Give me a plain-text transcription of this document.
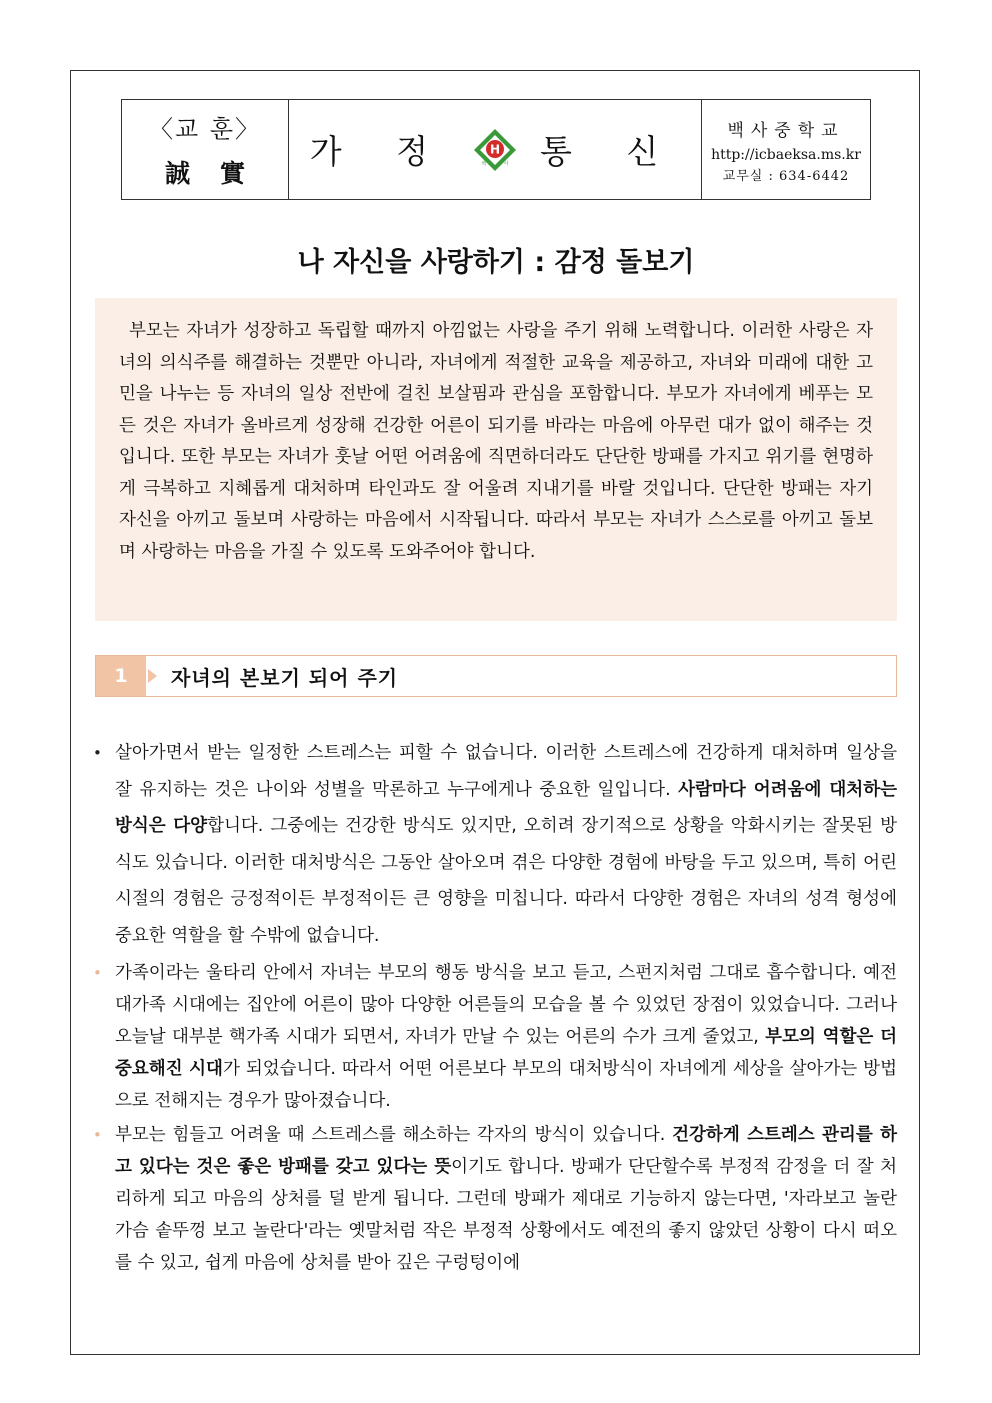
〈교 훈〉
誠實
가 정	H
백	사 통 신
백사중학교
http://icbaeksa.ms.kr
교무실 : 634-6442
나 자신을 사랑하기 : 감정 돌보기

부모는 자녀가 성장하고 독립할 때까지 아낌없는 사랑을 주기 위해 노력합니다. 이러한 사랑은 자녀의 의식주를 해결하는 것뿐만 아니라, 자녀에게 적절한 교육을 제공하고, 자녀와 미래에 대한 고민을 나누는 등 자녀의 일상 전반에 걸친 보살핌과 관심을 포함합니다. 부모가 자녀에게 베푸는 모든 것은 자녀가 올바르게 성장해 건강한 어른이 되기를 바라는 마음에 아무런 대가 없이 해주는 것입니다. 또한 부모는 자녀가 훗날 어떤 어려움에 직면하더라도 단단한 방패를 가지고 위기를 현명하게 극복하고 지혜롭게 대처하며 타인과도 잘 어울려 지내기를 바랄 것입니다. 단단한 방패는 자기 자신을 아끼고 돌보며 사랑하는 마음에서 시작됩니다. 따라서 부모는 자녀가 스스로를 아끼고 돌보며 사랑하는 마음을 가질 수 있도록 도와주어야 합니다.

1	자녀의 본보기 되어 주기

• 살아가면서 받는 일정한 스트레스는 피할 수 없습니다. 이러한 스트레스에 건강하게 대처하며 일상을 잘 유지하는 것은 나이와 성별을 막론하고 누구에게나 중요한 일입니다. 사람마다 어려움에 대처하는 방식은 다양합니다. 그중에는 건강한 방식도 있지만, 오히려 장기적으로 상황을 악화시키는 잘못된 방식도 있습니다. 이러한 대처방식은 그동안 살아오며 겪은 다양한 경험에 바탕을 두고 있으며, 특히 어린 시절의 경험은 긍정적이든 부정적이든 큰 영향을 미칩니다. 따라서 다양한 경험은 자녀의 성격 형성에 중요한 역할을 할 수밖에 없습니다.

• 가족이라는 울타리 안에서 자녀는 부모의 행동 방식을 보고 듣고, 스펀지처럼 그대로 흡수합니다. 예전 대가족 시대에는 집안에 어른이 많아 다양한 어른들의 모습을 볼 수 있었던 장점이 있었습니다. 그러나 오늘날 대부분 핵가족 시대가 되면서, 자녀가 만날 수 있는 어른의 수가 크게 줄었고, 부모의 역할은 더 중요해진 시대가 되었습니다. 따라서 어떤 어른보다 부모의 대처방식이 자녀에게 세상을 살아가는 방법으로 전해지는 경우가 많아졌습니다.

• 부모는 힘들고 어려울 때 스트레스를 해소하는 각자의 방식이 있습니다. 건강하게 스트레스 관리를 하고 있다는 것은 좋은 방패를 갖고 있다는 뜻이기도 합니다. 방패가 단단할수록 부정적 감정을 더 잘 처리하게 되고 마음의 상처를 덜 받게 됩니다. 그런데 방패가 제대로 기능하지 않는다면, '자라보고 놀란 가슴 솥뚜껑 보고 놀란다'라는 옛말처럼 작은 부정적 상황에서도 예전의 좋지 않았던 상황이 다시 떠오를 수 있고, 쉽게 마음에 상처를 받아 깊은 구렁텅이에
